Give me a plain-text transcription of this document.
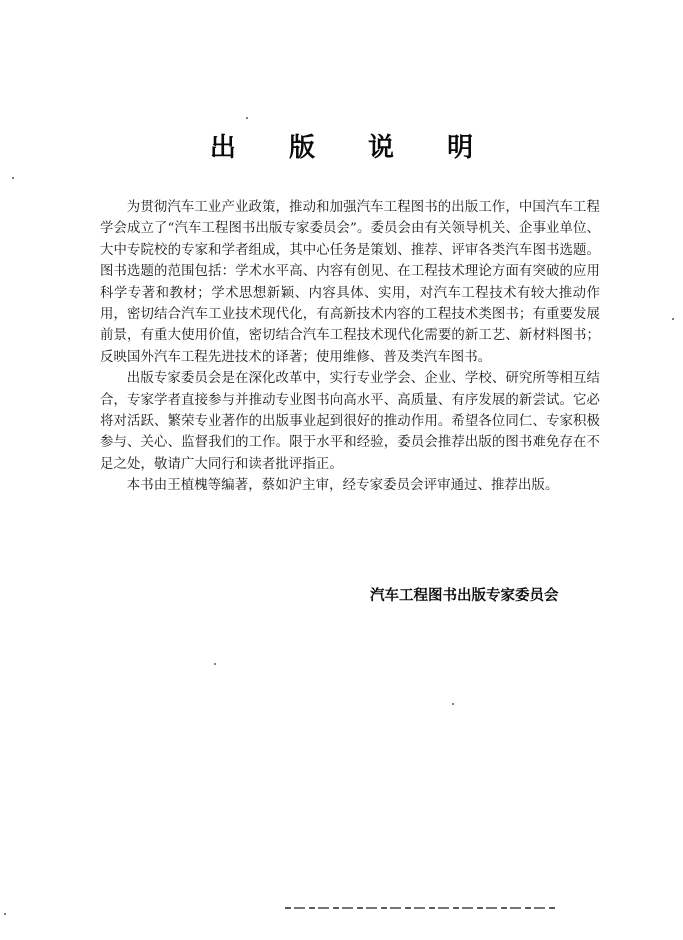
出 版 说 明

为贯彻汽车工业产业政策，推动和加强汽车工程图书的出版工作，中国汽车工程学会成立了“汽车工程图书出版专家委员会”。委员会由有关领导机关、企事业单位、大中专院校的专家和学者组成，其中心任务是策划、推荐、评审各类汽车图书选题。图书选题的范围包括：学术水平高、内容有创见、在工程技术理论方面有突破的应用科学专著和教材；学术思想新颖、内容具体、实用，对汽车工程技术有较大推动作用，密切结合汽车工业技术现代化，有高新技术内容的工程技术类图书；有重要发展前景，有重大使用价值，密切结合汽车工程技术现代化需要的新工艺、新材料图书；反映国外汽车工程先进技术的译著；使用维修、普及类汽车图书。

出版专家委员会是在深化改革中，实行专业学会、企业、学校、研究所等相互结合，专家学者直接参与并推动专业图书向高水平、高质量、有序发展的新尝试。它必将对活跃、繁荣专业著作的出版事业起到很好的推动作用。希望各位同仁、专家积极参与、关心、监督我们的工作。限于水平和经验，委员会推荐出版的图书难免存在不足之处，敬请广大同行和读者批评指正。

本书由王植槐等编著，蔡如沪主审，经专家委员会评审通过、推荐出版。

汽车工程图书出版专家委员会
